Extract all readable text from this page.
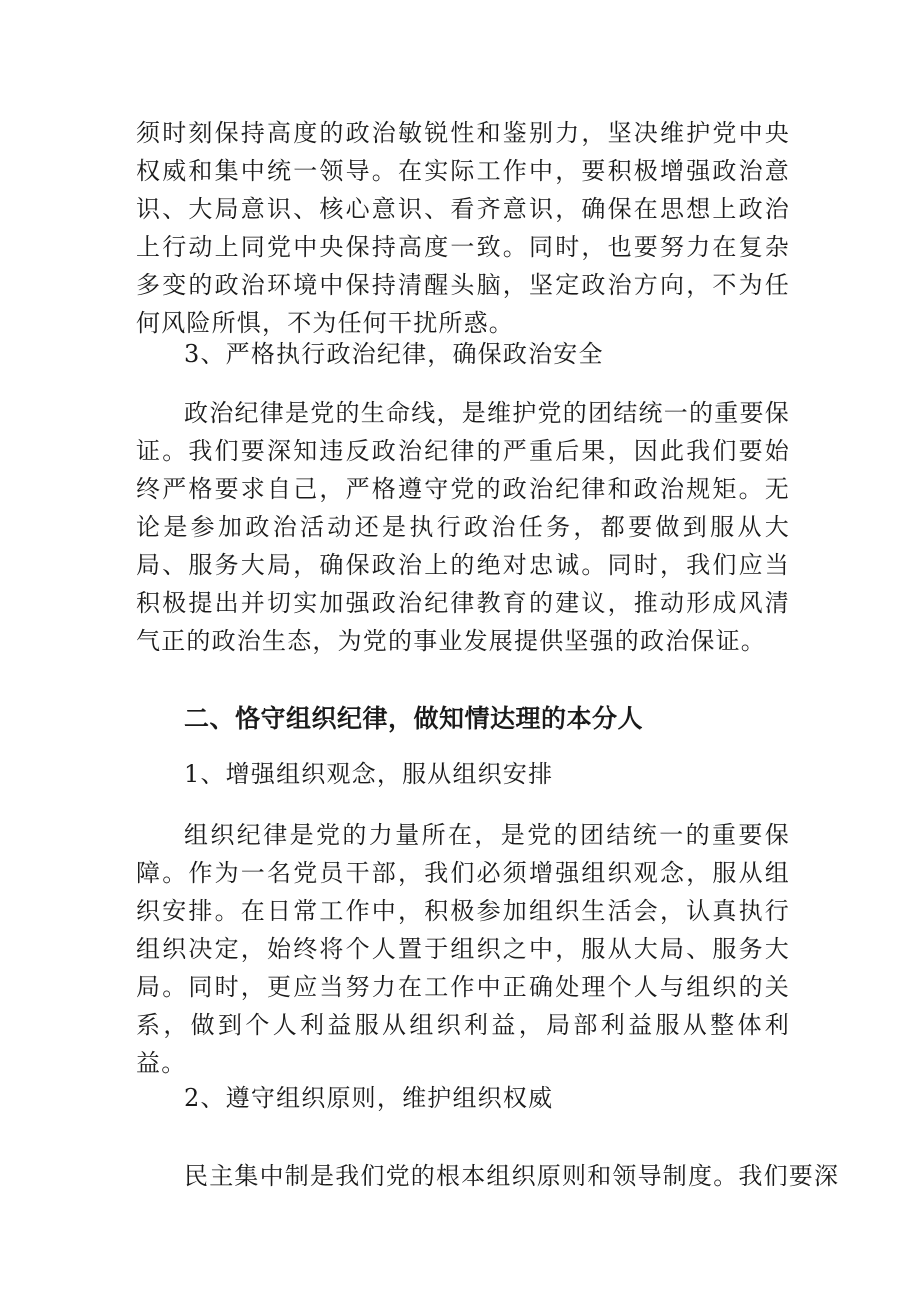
须时刻保持高度的政治敏锐性和鉴别力，坚决维护党中央权威和集中统一领导。在实际工作中，要积极增强政治意识、大局意识、核心意识、看齐意识，确保在思想上政治上行动上同党中央保持高度一致。同时，也要努力在复杂多变的政治环境中保持清醒头脑，坚定政治方向，不为任何风险所惧，不为任何干扰所惑。

3、严格执行政治纪律，确保政治安全

政治纪律是党的生命线，是维护党的团结统一的重要保证。我们要深知违反政治纪律的严重后果，因此我们要始终严格要求自己，严格遵守党的政治纪律和政治规矩。无论是参加政治活动还是执行政治任务，都要做到服从大局、服务大局，确保政治上的绝对忠诚。同时，我们应当积极提出并切实加强政治纪律教育的建议，推动形成风清气正的政治生态，为党的事业发展提供坚强的政治保证。

二、恪守组织纪律，做知情达理的本分人

1、增强组织观念，服从组织安排

组织纪律是党的力量所在，是党的团结统一的重要保障。作为一名党员干部，我们必须增强组织观念，服从组织安排。在日常工作中，积极参加组织生活会，认真执行组织决定，始终将个人置于组织之中，服从大局、服务大局。同时，更应当努力在工作中正确处理个人与组织的关系，做到个人利益服从组织利益，局部利益服从整体利益。

2、遵守组织原则，维护组织权威

民主集中制是我们党的根本组织原则和领导制度。我们要深
